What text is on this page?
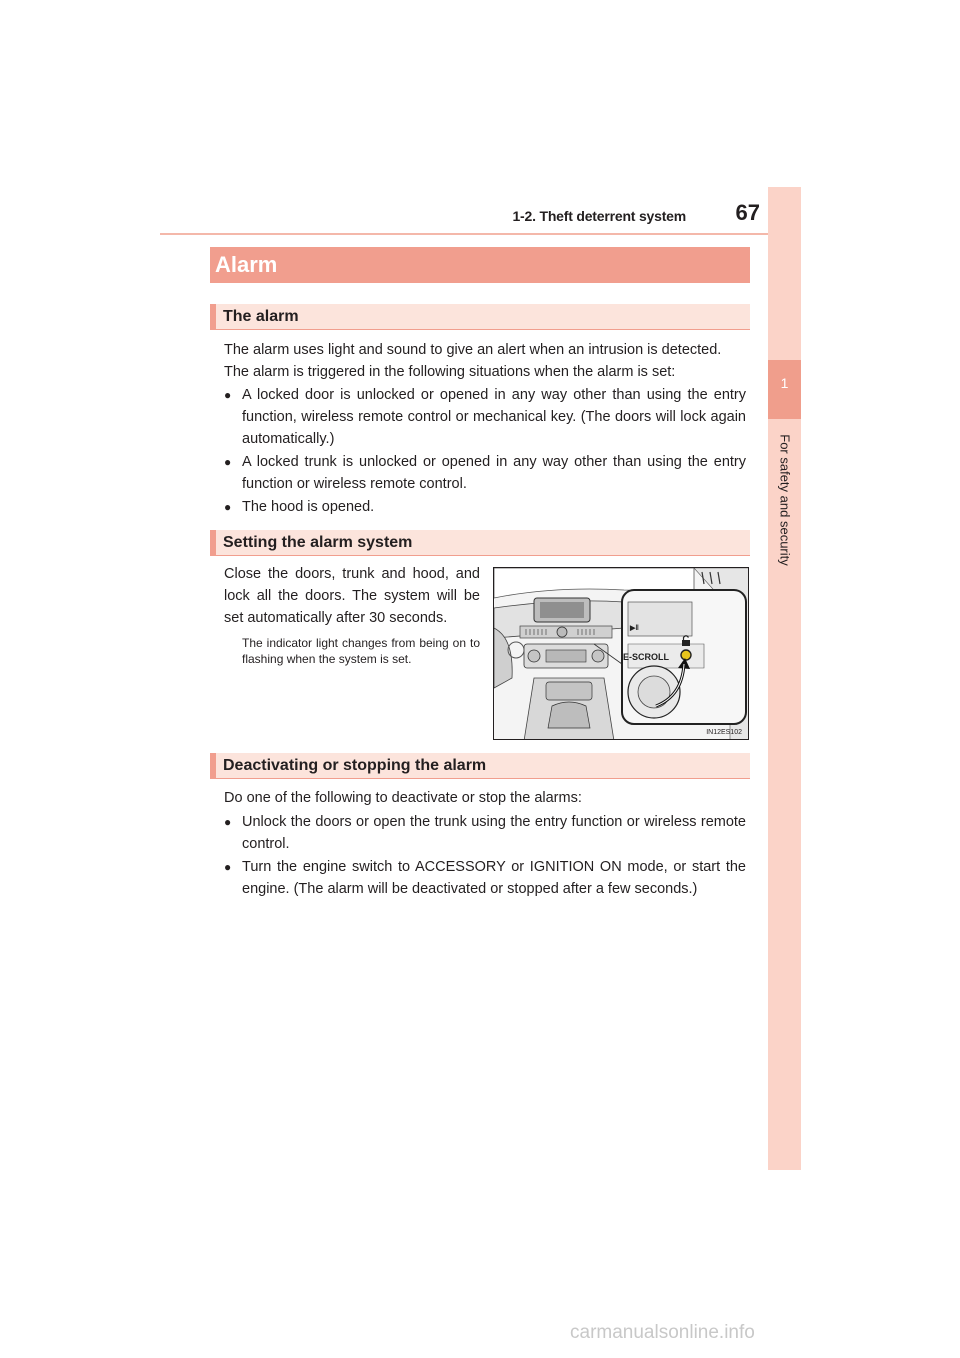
1-2. Theft deterrent system	67
1
For safety and security
Alarm
The alarm
The alarm uses light and sound to give an alert when an intrusion is detected.
The alarm is triggered in the following situations when the alarm is set:
● A locked door is unlocked or opened in any way other than using the entry function, wireless remote control or mechanical key. (The doors will lock again automatically.)
● A locked trunk is unlocked or opened in any way other than using the entry function or wireless remote control.
● The hood is opened.
Setting the alarm system
Close the doors, trunk and hood, and lock all the doors. The system will be set automatically after 30 seconds.
The indicator light changes from being on to flashing when the system is set.
▶‖
E-SCROLL
IN12ES102
Deactivating or stopping the alarm
Do one of the following to deactivate or stop the alarms:
● Unlock the doors or open the trunk using the entry function or wireless remote control.
● Turn the engine switch to ACCESSORY or IGNITION ON mode, or start the engine. (The alarm will be deactivated or stopped after a few seconds.)
carmanualsonline.info
